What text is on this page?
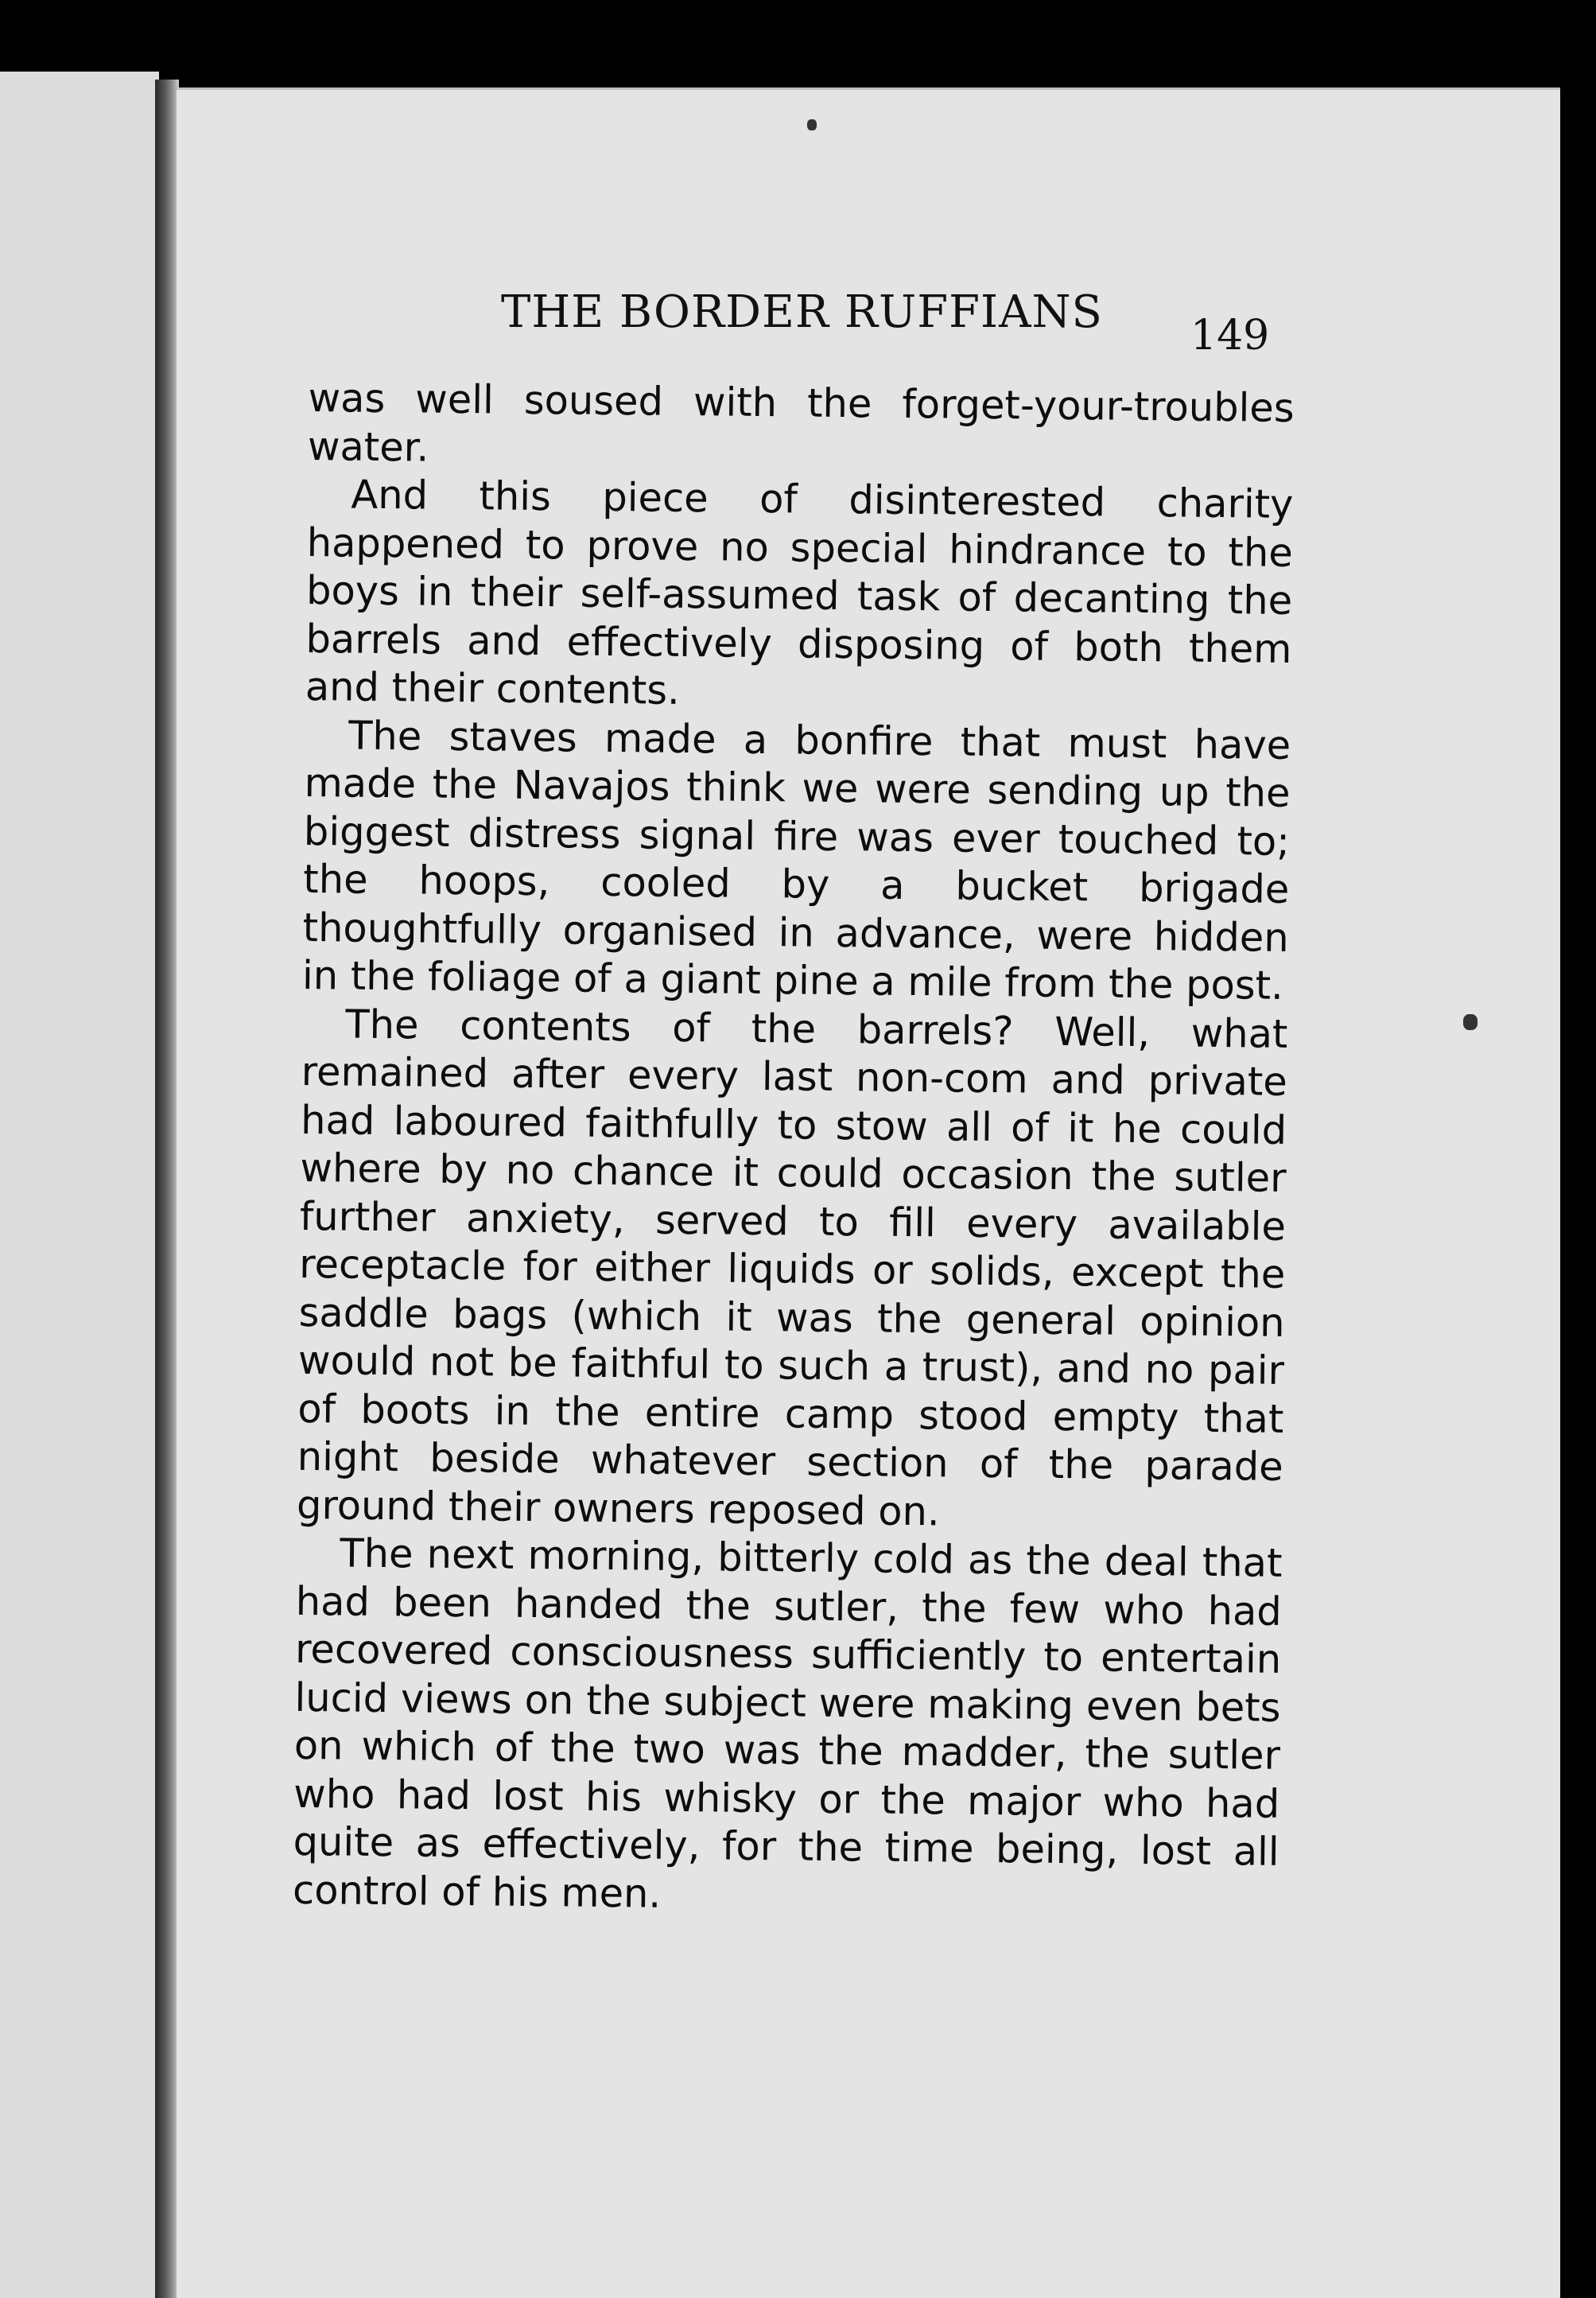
THE BORDER RUFFIANS	149

was well soused with the forget-your-troubles water.

And this piece of disinterested charity happened to prove no special hindrance to the boys in their self-assumed task of decanting the barrels and effectively disposing of both them and their contents.

The staves made a bonfire that must have made the Navajos think we were sending up the biggest distress signal fire was ever touched to; the hoops, cooled by a bucket brigade thoughtfully organised in advance, were hidden in the foliage of a giant pine a mile from the post.

The contents of the barrels? Well, what remained after every last non-com and private had laboured faithfully to stow all of it he could where by no chance it could occasion the sutler further anxiety, served to fill every available receptacle for either liquids or solids, except the saddle bags (which it was the general opinion would not be faithful to such a trust), and no pair of boots in the entire camp stood empty that night beside whatever section of the parade ground their owners reposed on.

The next morning, bitterly cold as the deal that had been handed the sutler, the few who had recovered consciousness sufficiently to entertain lucid views on the subject were making even bets on which of the two was the madder, the sutler who had lost his whisky or the major who had quite as effectively, for the time being, lost all control of his men.
